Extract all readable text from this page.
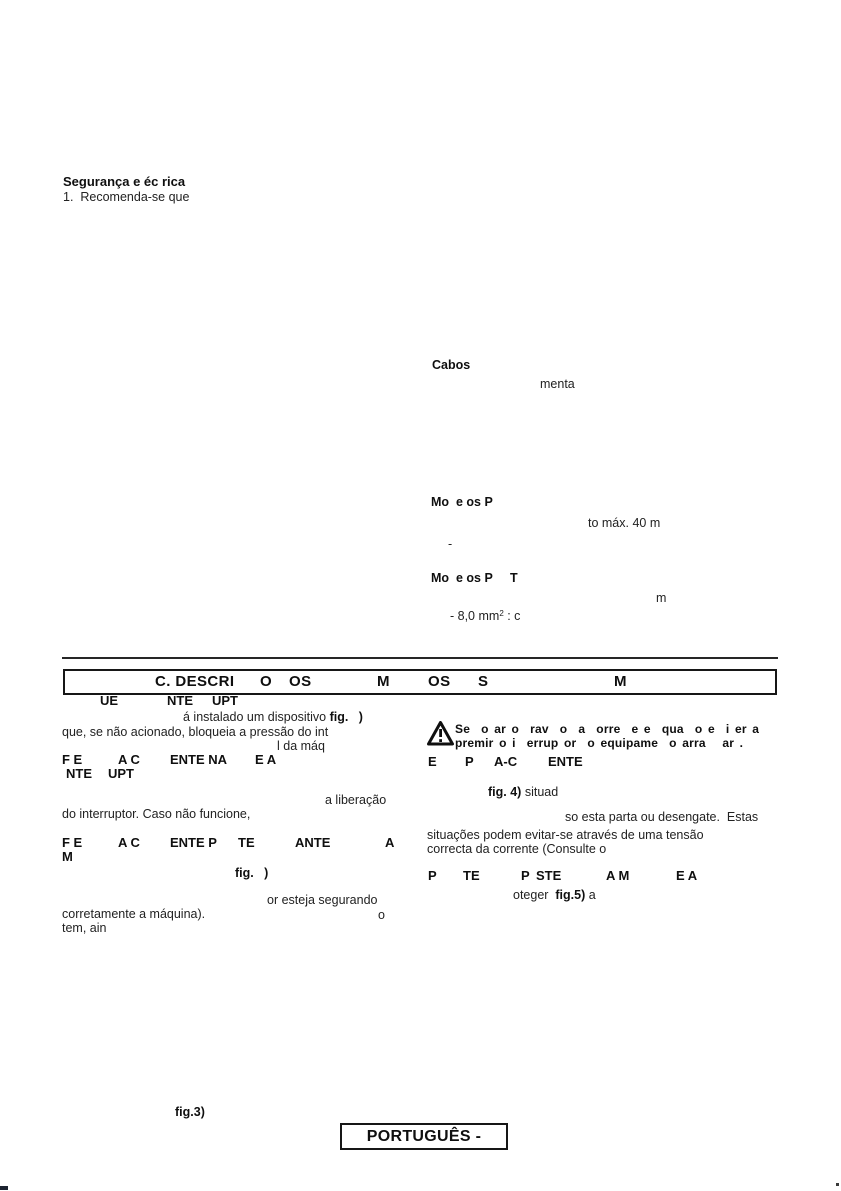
Segurança e éc rica
1.  Recomenda-se que
Cabos
menta
Mo  e os P
to máx. 40 m
-
Mo  e os P     T
m
- 8,0 $mm^2$ : c
C. DESCRI O OS	M	OS S	M
UE	NTE UPT
á instalado um dispositivo fig.   )
que, se não acionado, bloqueia a pressão do int
l da máq
F E	A C ENTE NA E A
NTE UPT
a liberação
do interruptor. Caso não funcione,
F E	A C ENTE P TE	ANTE	A
M
fig.   )
or esteja segurando
corretamente a máquina).	o
tem, ain
Se  o ar o  rav  o  a  orre  e e  qua  o e  i er a
premir o i  errup or  o equipame  o arra   ar .
E P A-C ENTE
fig. 4) situad
so esta parta ou desengate.  Estas
situações podem evitar-se através de uma tensão
correcta da corrente (Consulte o
P TE	P STE	A M	E A
oteger  fig.5) a
fig.3)
PORTUGUÊS -
